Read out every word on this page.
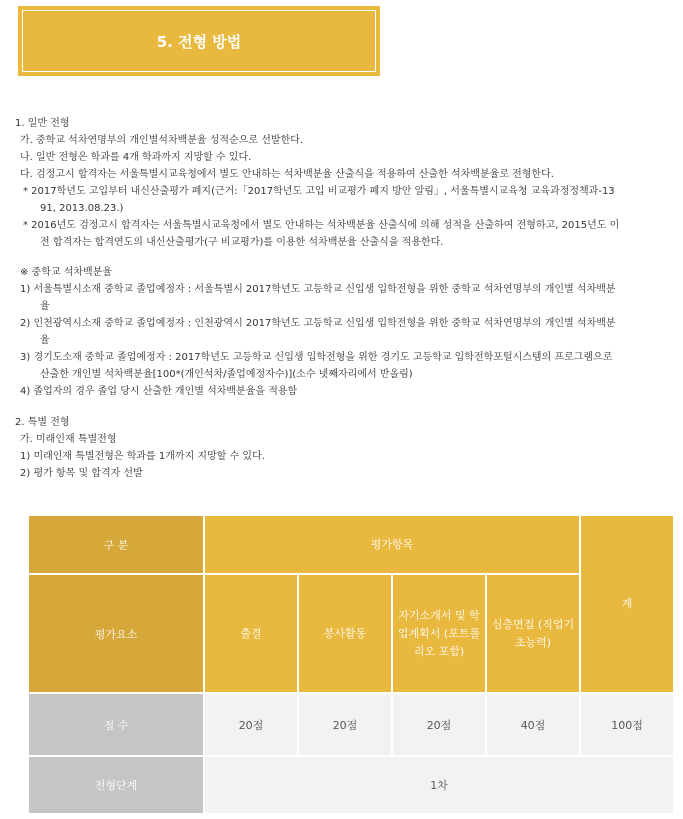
5. 전형 방법

1. 일반 전형

가. 중학교 석차연명부의 개인별석차백분율 성적순으로 선발한다.

나. 일반 전형은 학과를 4개 학과까지 지망할 수 있다.

다. 검정고시 합격자는 서울특별시교육청에서 별도 안내하는 석차백분율 산출식을 적용하여 산출한 석차백분율로 전형한다.

* 2017학년도 고입부터 내신산출평가 폐지(근거:「2017학년도 고입 비교평가 폐지 방안 알림」, 서울특별시교육청 교육과정정책과-13

91, 2013.08.23.)

* 2016년도 검정고시 합격자는 서울특별시교육청에서 별도 안내하는 석차백분율 산출식에 의해 성적을 산출하여 전형하고, 2015년도 이

전 합격자는 합격연도의 내신산출평가(구 비교평가)를 이용한 석차백분율 산출식을 적용한다.

※ 중학교 석차백분율

1) 서울특별시소재 중학교 졸업예정자 : 서울특별시 2017학년도 고등학교 신입생 입학전형을 위한 중학교 석차연명부의 개인별 석차백분

율

2) 인천광역시소재 중학교 졸업예정자 : 인천광역시 2017학년도 고등학교 신입생 입학전형을 위한 중학교 석차연명부의 개인별 석차백분

율

3) 경기도소재 중학교 졸업예정자 : 2017학년도 고등학교 신입생 입학전형을 위한 경기도 고등학교 입학전학포털시스템의 프로그램으로

산출한 개인별 석차백분율[100*(개인석차/졸업예정자수)](소수 넷째자리에서 반올림)

4) 졸업자의 경우 졸업 당시 산출한 개인별 석차백분율을 적용함

2. 특별 전형

가. 미래인재 특별전형

1) 미래인재 특별전형은 학과를 1개까지 지망할 수 있다.

2) 평가 항목 및 합격자 선발

구 분	평가항목				계
평가요소	출결	봉사활동	자기소개서 및 학업계획서 (포트폴리오 포함)	심층면접 (직업기초능력)	
점 수	20점	20점	20점	40점	100점
전형단계	1차				
